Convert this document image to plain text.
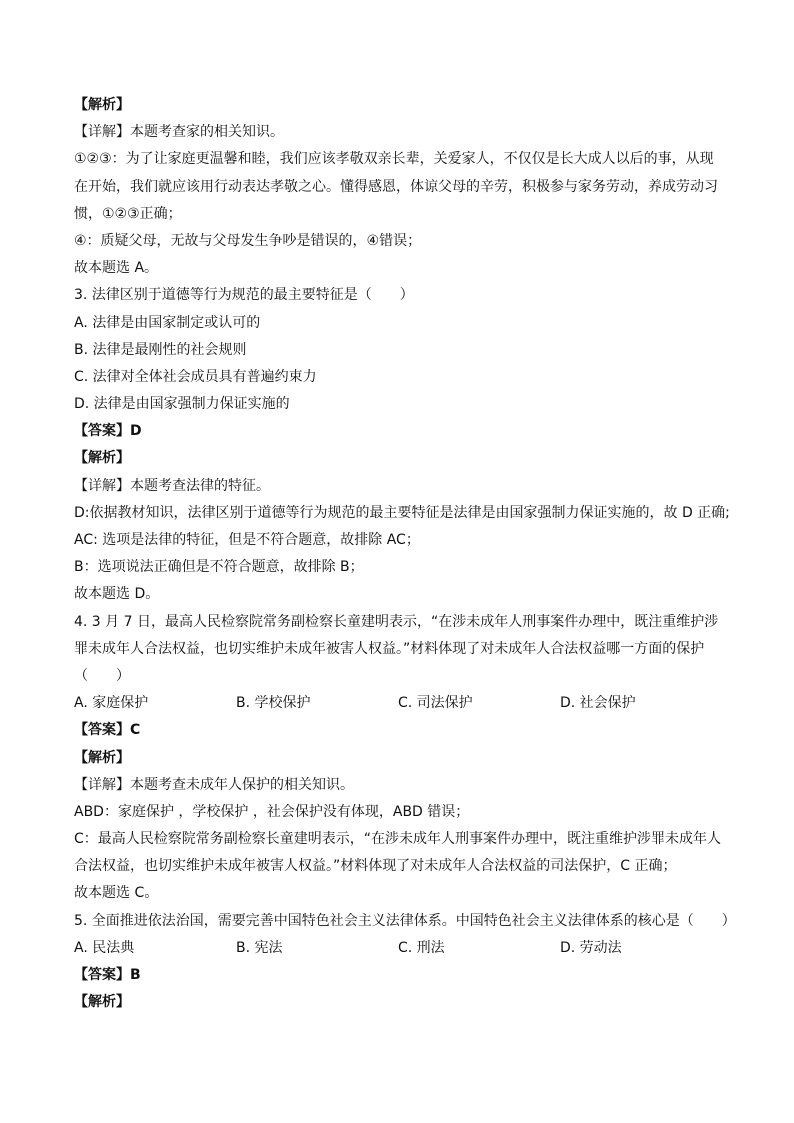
【解析】
【详解】本题考查家的相关知识。
①②③：为了让家庭更温馨和睦，我们应该孝敬双亲长辈，关爱家人，不仅仅是长大成人以后的事，从现
在开始，我们就应该用行动表达孝敬之心。懂得感恩，体谅父母的辛劳，积极参与家务劳动，养成劳动习
惯，①②③正确；
④：质疑父母，无故与父母发生争吵是错误的，④错误；
故本题选 A。
3. 法律区别于道德等行为规范的最主要特征是（　　）
A. 法律是由国家制定或认可的
B. 法律是最刚性的社会规则
C. 法律对全体社会成员具有普遍约束力
D. 法律是由国家强制力保证实施的
【答案】D
【解析】
【详解】本题考查法律的特征。
D:依据教材知识，法律区别于道德等行为规范的最主要特征是法律是由国家强制力保证实施的，故 D 正确;
AC: 选项是法律的特征，但是不符合题意，故排除 AC；
B：选项说法正确但是不符合题意，故排除 B；
故本题选 D。
4. 3 月 7 日，最高人民检察院常务副检察长童建明表示，“在涉未成年人刑事案件办理中，既注重维护涉
罪未成年人合法权益，也切实维护未成年被害人权益。”材料体现了对未成年人合法权益哪一方面的保护
（　　）
A. 家庭保护	B. 学校保护	C. 司法保护	D. 社会保护
【答案】C
【解析】
【详解】本题考查未成年人保护的相关知识。
ABD：家庭保护 ，学校保护 ，社会保护没有体现，ABD 错误；
C：最高人民检察院常务副检察长童建明表示，“在涉未成年人刑事案件办理中，既注重维护涉罪未成年人
合法权益，也切实维护未成年被害人权益。”材料体现了对未成年人合法权益的司法保护，C 正确；
故本题选 C。
5. 全面推进依法治国，需要完善中国特色社会主义法律体系。中国特色社会主义法律体系的核心是（　　）
A. 民法典	B. 宪法	C. 刑法	D. 劳动法
【答案】B
【解析】
